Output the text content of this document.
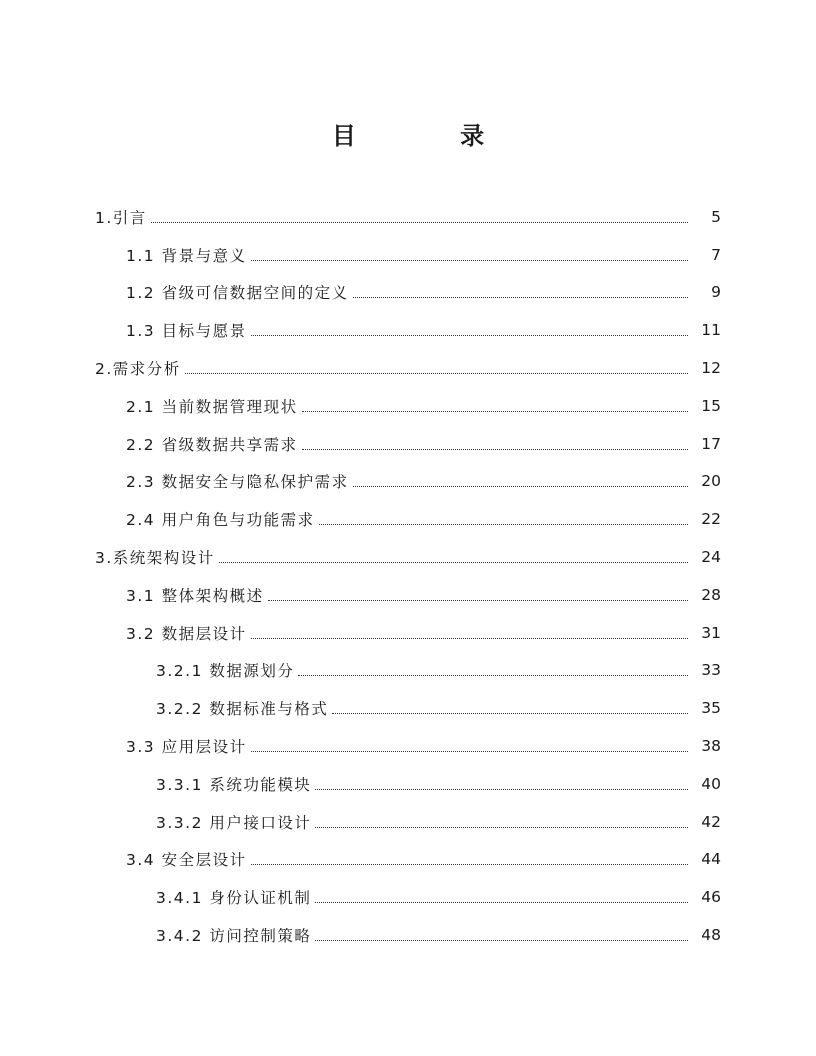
目 录
1.引言	5
1.1 背景与意义	7
1.2 省级可信数据空间的定义	9
1.3 目标与愿景	11
2.需求分析	12
2.1 当前数据管理现状	15
2.2 省级数据共享需求	17
2.3 数据安全与隐私保护需求	20
2.4 用户角色与功能需求	22
3.系统架构设计	24
3.1 整体架构概述	28
3.2 数据层设计	31
3.2.1 数据源划分	33
3.2.2 数据标准与格式	35
3.3 应用层设计	38
3.3.1 系统功能模块	40
3.3.2 用户接口设计	42
3.4 安全层设计	44
3.4.1 身份认证机制	46
3.4.2 访问控制策略	48
